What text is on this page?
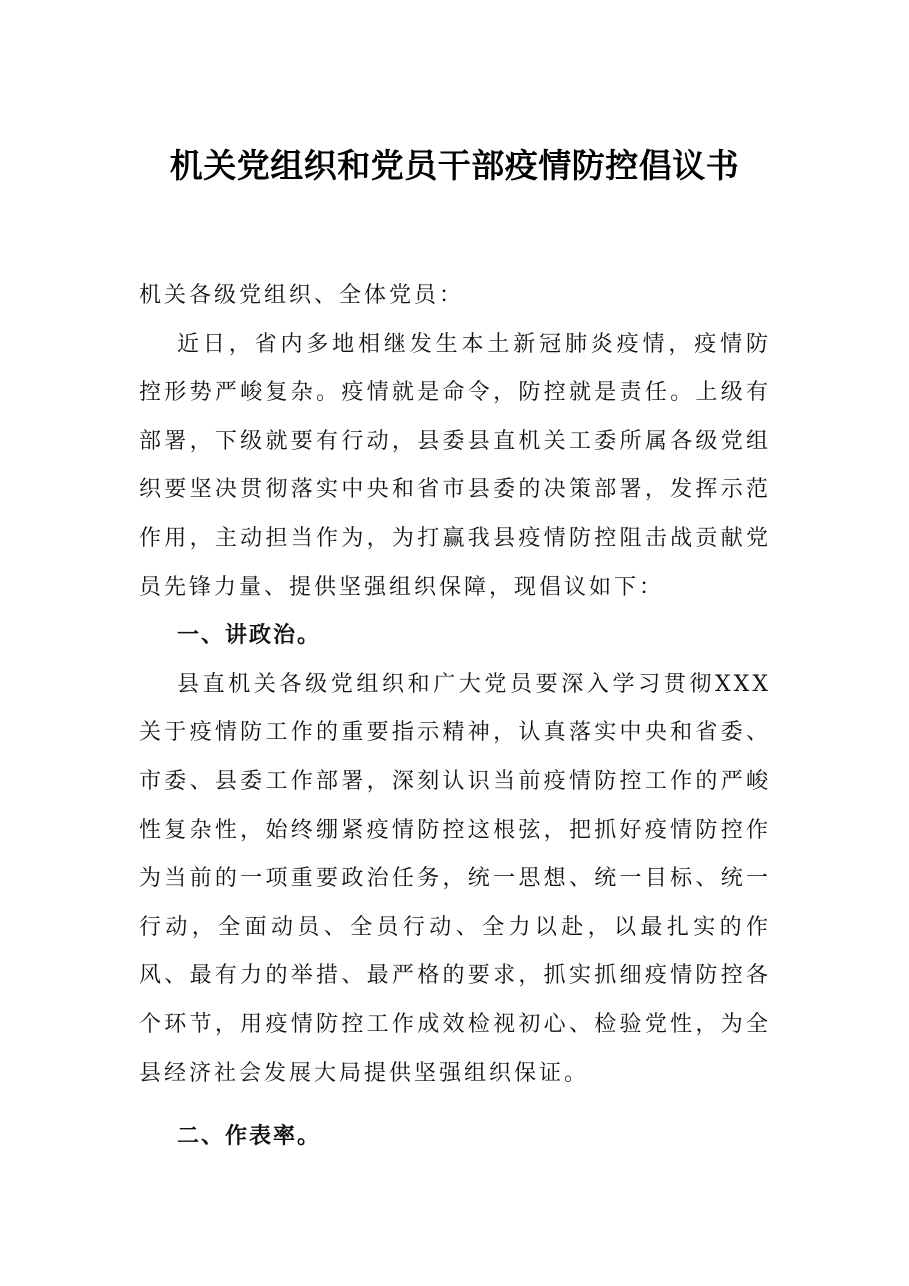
机关党组织和党员干部疫情防控倡议书

机关各级党组织、全体党员：

近日，省内多地相继发生本土新冠肺炎疫情，疫情防控形势严峻复杂。疫情就是命令，防控就是责任。上级有部署，下级就要有行动，县委县直机关工委所属各级党组织要坚决贯彻落实中央和省市县委的决策部署，发挥示范作用，主动担当作为，为打赢我县疫情防控阻击战贡献党员先锋力量、提供坚强组织保障，现倡议如下：

一、讲政治。

县直机关各级党组织和广大党员要深入学习贯彻XXX关于疫情防工作的重要指示精神，认真落实中央和省委、市委、县委工作部署，深刻认识当前疫情防控工作的严峻性复杂性，始终绷紧疫情防控这根弦，把抓好疫情防控作为当前的一项重要政治任务，统一思想、统一目标、统一行动，全面动员、全员行动、全力以赴，以最扎实的作风、最有力的举措、最严格的要求，抓实抓细疫情防控各个环节，用疫情防控工作成效检视初心、检验党性，为全县经济社会发展大局提供坚强组织保证。

二、作表率。
